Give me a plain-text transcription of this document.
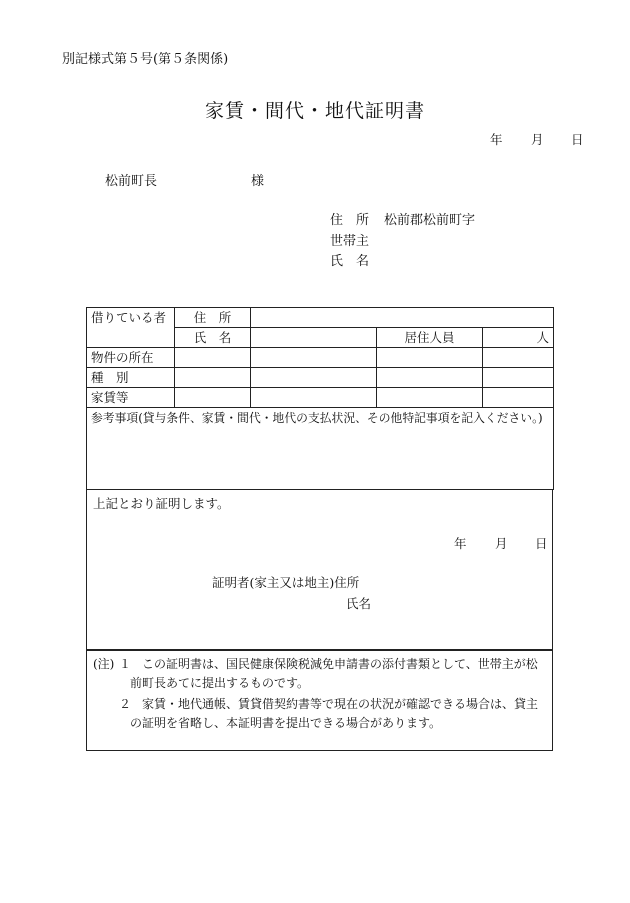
別記様式第５号(第５条関係)
家賃・間代・地代証明書
年 月 日
松前町長	様
住　所 松前郡松前町字
世帯主
氏　名
借りている者	住　所			
	氏　名		居住人員	人
物件の所在				
種　別				
家賃等				
参考事項(貸与条件、家賃・間代・地代の支払状況、その他特記事項を記入ください。)				
上記とおり証明します。
年 月 日
証明者(家主又は地主)住所
氏名
(注) １ この証明書は、国民健康保険税減免申請書の添付書類として、世帯主が松
前町長あてに提出するものです。
２ 家賃・地代通帳、賃貸借契約書等で現在の状況が確認できる場合は、貸主
の証明を省略し、本証明書を提出できる場合があります。
